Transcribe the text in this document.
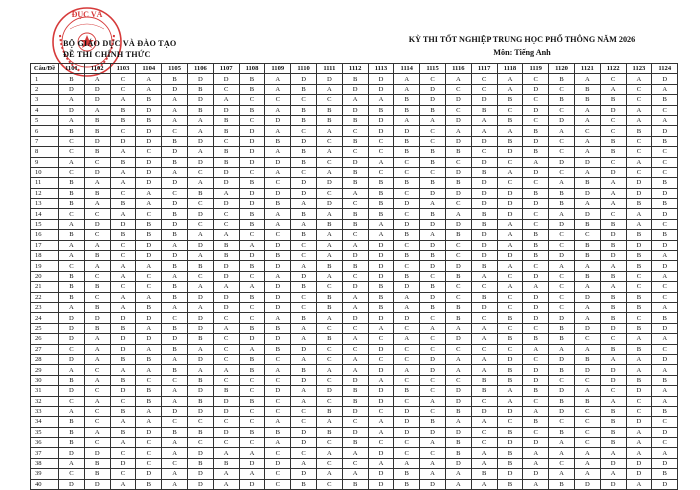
ĐỤC VÀ
BỘ GIÁO DỤC VÀ ĐÀO TẠO
ĐỀ THI CHÍNH THỨC
KỲ THI TỐT NGHIỆP TRUNG HỌC PHỔ THÔNG NĂM 2026
Môn: Tiếng Anh
Câu/Đề	1101	1102	1103	1104	1105	1106	1107	1108	1109	1110	1111	1112	1113	1114	1115	1116	1117	1118	1119	1120	1121	1122	1123	1124
1	B	A	C	A	B	D	D	B	A	D	D	B	D	A	C	A	C	A	C	B	A	C	A	D
2	D	D	C	A	D	B	C	B	A	B	A	D	D	A	D	C	C	A	D	C	B	A	C	A
3	A	D	A	B	A	D	A	C	C	C	C	A	A	B	D	D	D	B	C	B	B	B	C	B
4	D	A	B	D	A	B	D	B	A	B	B	D	B	B	B	C	B	C	D	C	A	D	A	C
5	A	B	B	B	A	A	B	C	D	B	B	B	D	A	A	D	A	B	C	D	A	C	A	A
6	B	B	C	D	C	A	B	D	A	C	A	C	D	D	C	A	A	A	B	A	C	C	B	D
7	C	D	D	D	B	D	C	D	B	D	C	B	C	B	C	D	D	B	D	C	A	B	C	B
8	C	B	A	C	D	A	B	D	A	B	A	C	C	B	B	B	C	D	B	C	A	B	C	C
9	A	C	B	D	B	D	B	D	D	B	C	D	A	C	B	C	D	C	A	D	D	C	A	C
10	C	D	A	D	A	C	D	C	A	C	A	B	C	C	C	D	B	A	D	C	A	D	C	C
11	B	A	A	D	D	A	D	B	C	D	D	B	B	B	B	B	D	C	C	A	B	A	D	B
12	B	B	C	A	C	B	A	D	D	D	C	A	B	C	D	D	D	D	B	B	D	A	D	D
13	B	A	B	A	D	C	D	D	B	A	D	C	B	D	A	C	D	D	D	B	A	A	B	B
14	C	C	A	C	B	D	C	B	A	B	A	B	B	C	B	A	B	D	C	A	D	C	A	D
15	A	D	D	B	D	C	C	B	A	A	B	B	A	D	D	D	B	A	C	D	B	B	A	C
16	B	C	B	B	B	A	A	C	C	B	A	C	A	B	A	B	D	A	B	C	C	D	B	B
17	A	A	C	D	A	D	B	A	D	C	A	A	D	C	D	C	D	A	B	C	B	B	D	D
18	A	B	C	D	D	A	B	D	B	C	A	D	D	B	B	C	D	D	B	D	B	D	B	A
19	C	A	A	A	B	B	D	B	D	A	B	B	D	C	D	D	B	A	C	A	A	A	B	D
20	B	C	A	C	A	C	D	C	A	D	A	C	D	B	C	B	A	C	D	C	B	B	C	A
21	B	B	C	C	B	A	A	A	D	B	C	D	B	D	B	C	C	A	A	C	A	A	C	C
22	B	C	A	A	B	D	D	B	D	C	B	A	B	A	D	C	B	C	D	C	D	B	B	C
23	A	B	A	B	A	A	D	C	D	C	B	A	B	A	B	B	D	C	D	C	A	B	B	A
24	D	D	D	D	C	D	C	C	A	B	A	D	D	D	C	B	C	B	D	D	A	B	C	B
25	D	B	B	A	B	D	A	B	B	A	C	C	A	C	A	A	A	C	C	B	D	D	B	D
26	D	A	D	D	D	B	C	D	D	A	B	A	C	A	C	D	A	B	B	B	C	C	A	A
27	C	A	D	A	B	A	C	A	B	D	C	C	D	C	C	C	C	C	A	A	A	B	B	C
28	D	A	B	B	A	D	C	B	C	A	C	A	C	C	D	A	A	D	C	D	B	A	A	D
29	A	C	A	A	B	A	A	B	A	B	A	A	D	A	D	A	A	B	D	B	D	D	A	A
30	B	A	B	C	C	B	C	C	C	D	C	D	A	C	C	C	B	B	D	C	C	D	B	B
31	D	C	D	B	A	D	B	C	D	A	D	B	D	B	C	D	B	A	B	D	A	C	D	A
32	C	A	C	B	A	B	D	B	C	A	C	B	D	C	A	D	C	A	C	B	B	A	C	A
33	A	C	B	A	D	D	D	C	C	C	B	D	C	D	C	B	D	D	A	D	C	B	C	B
34	B	C	A	A	C	C	C	C	A	C	A	C	A	D	B	A	A	C	B	C	C	B	D	C
35	B	A	B	D	B	B	D	B	B	D	B	D	A	D	D	D	C	B	C	B	C	B	A	D
36	B	C	A	C	A	C	C	C	A	D	C	B	C	C	A	B	C	D	D	A	C	B	A	C
37	D	D	C	C	A	D	A	A	C	C	A	A	D	C	C	B	A	B	A	A	A	A	A	A
38	A	B	D	C	C	B	B	D	D	A	C	C	A	A	A	D	A	B	A	C	A	D	D	D
39	C	B	C	D	A	D	A	A	C	D	A	A	D	B	A	A	B	D	D	A	A	A	D	B
40	D	D	A	B	A	D	A	D	C	B	C	B	D	B	D	A	A	B	A	B	D	D	A	D
